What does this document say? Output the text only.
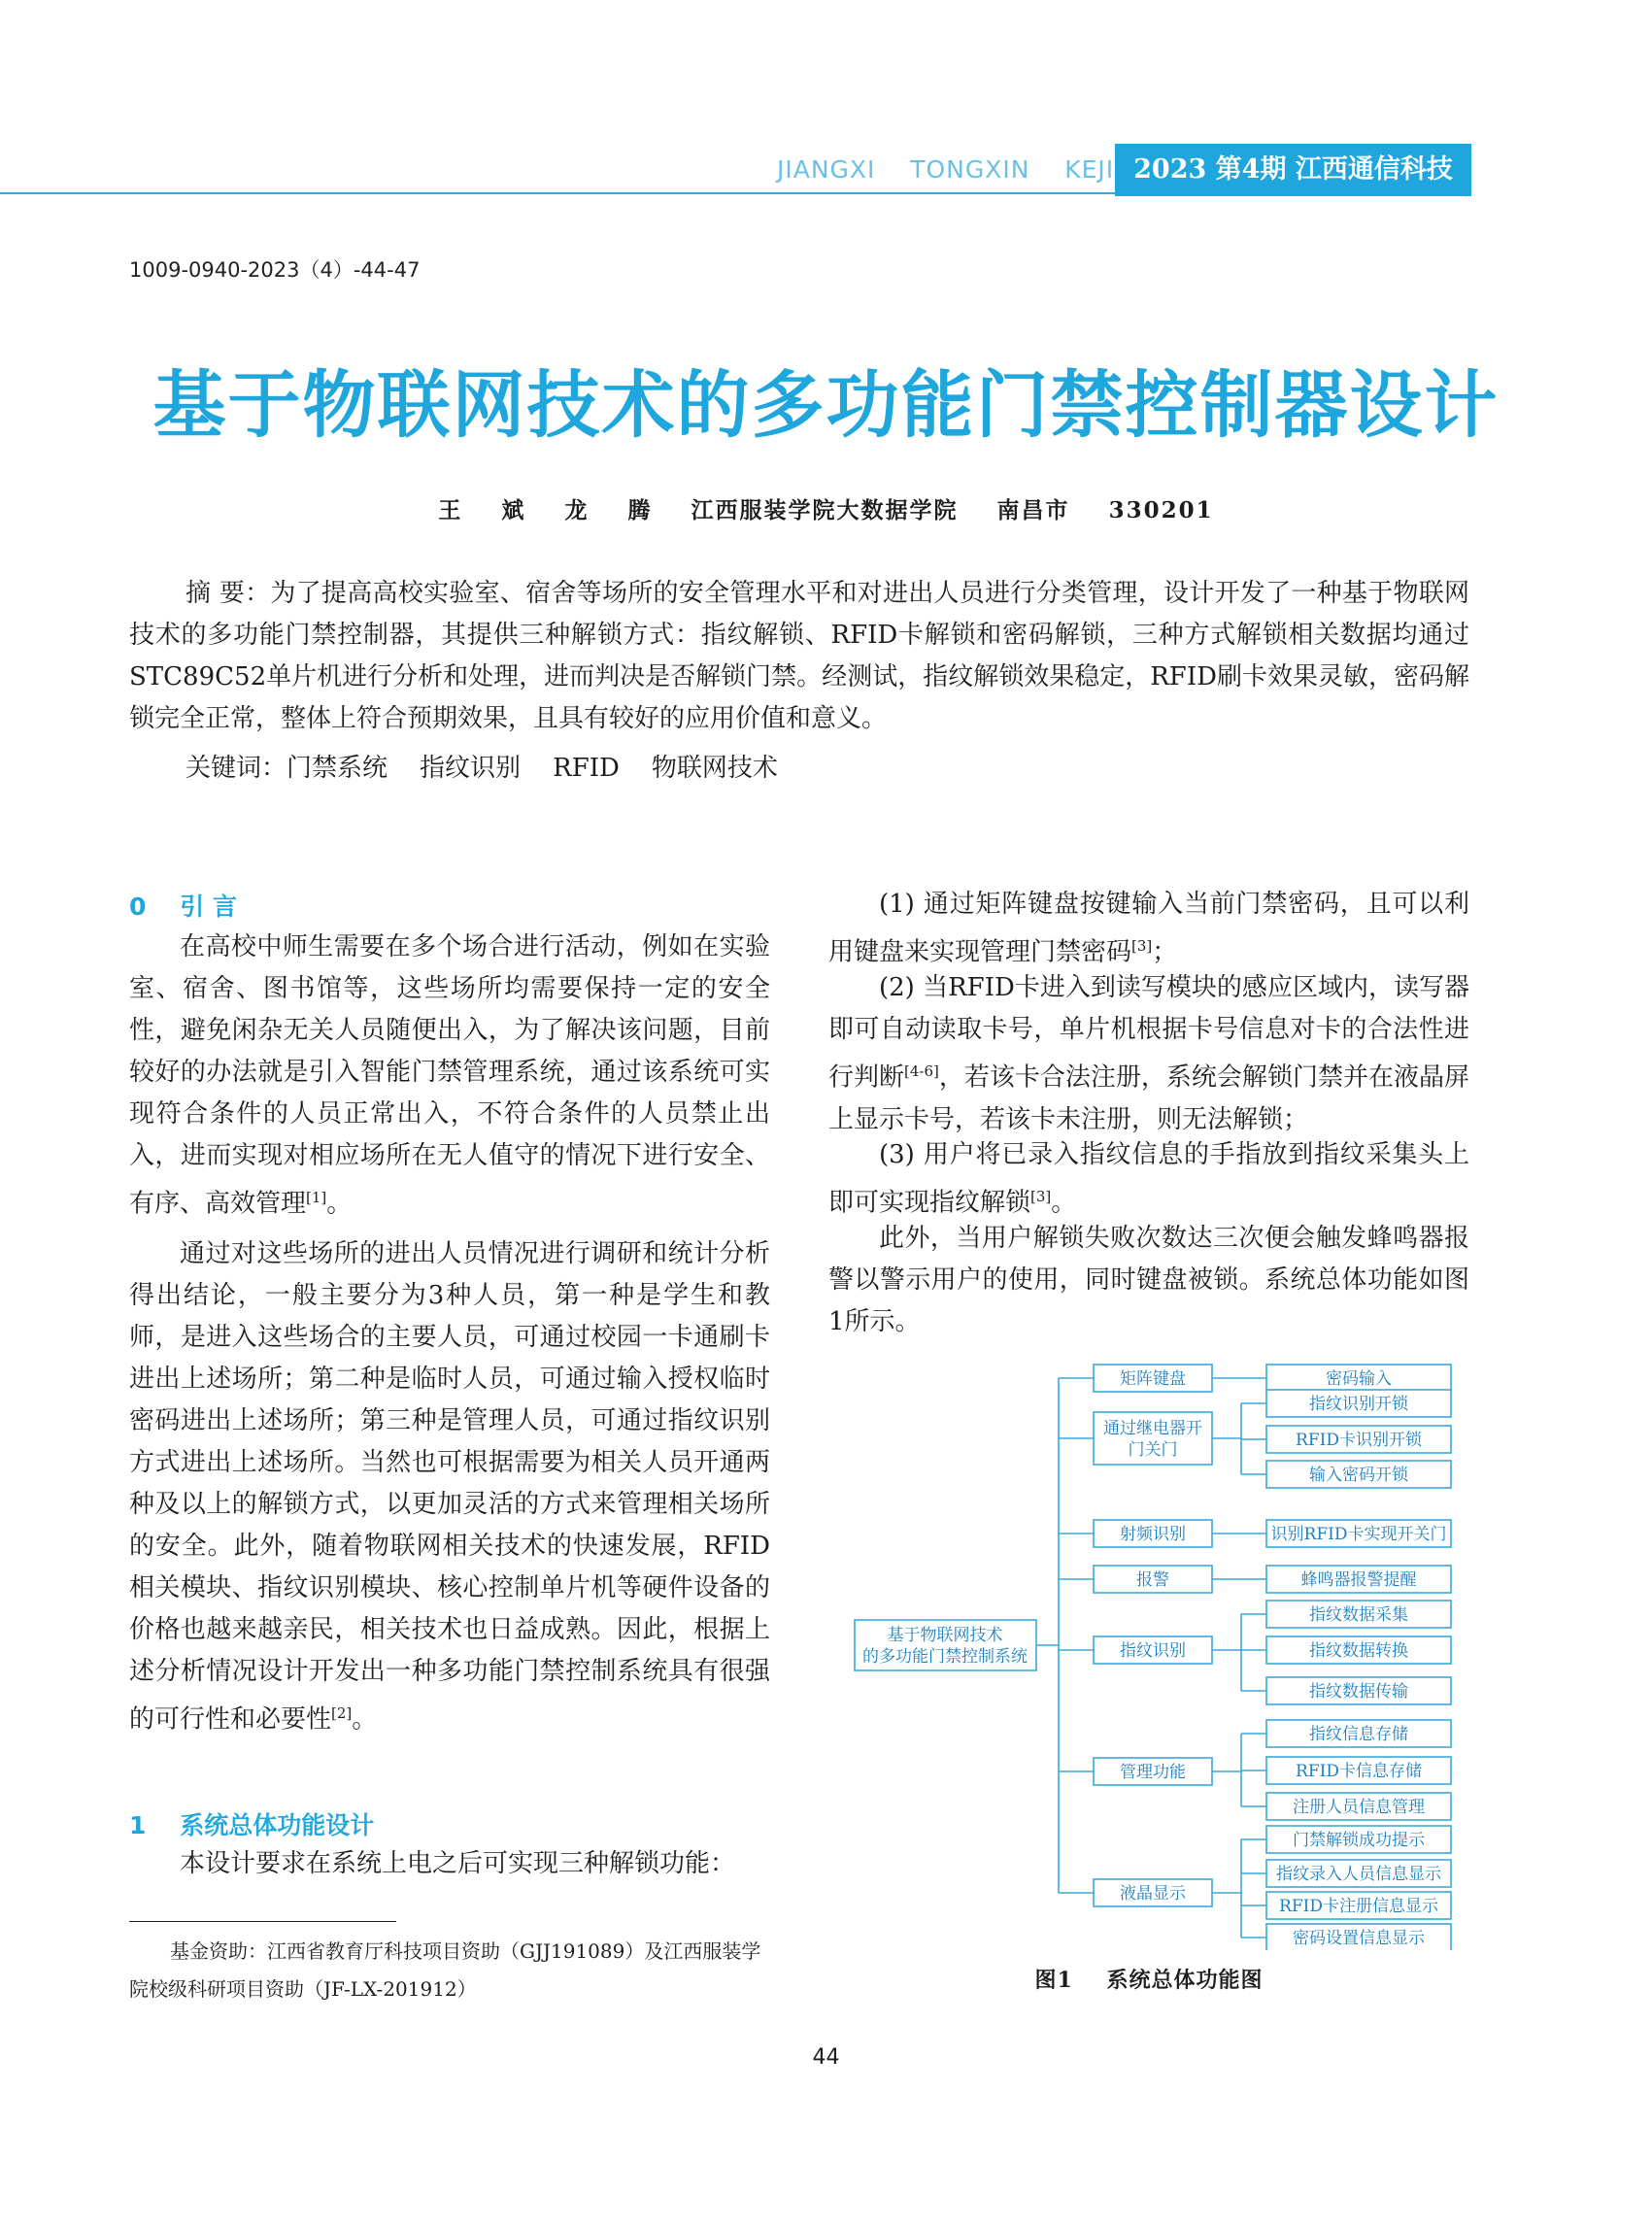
JIANGXI    TONGXIN    KEJI 2023 第4期 江西通信科技
1009-0940-2023（4）-44-47
基于物联网技术的多功能门禁控制器设计
王    斌    龙    腾    江西服装学院大数据学院    南昌市    330201
摘 要：为了提高高校实验室、宿舍等场所的安全管理水平和对进出人员进行分类管理，设计开发了一种基于物联网技术的多功能门禁控制器，其提供三种解锁方式：指纹解锁、RFID卡解锁和密码解锁，三种方式解锁相关数据均通过STC89C52单片机进行分析和处理，进而判决是否解锁门禁。经测试，指纹解锁效果稳定，RFID刷卡效果灵敏，密码解锁完全正常，整体上符合预期效果，且具有较好的应用价值和意义。
关键词：门禁系统    指纹识别    RFID    物联网技术
0    引 言
在高校中师生需要在多个场合进行活动，例如在实验室、宿舍、图书馆等，这些场所均需要保持一定的安全性，避免闲杂无关人员随便出入，为了解决该问题，目前较好的办法就是引入智能门禁管理系统，通过该系统可实现符合条件的人员正常出入，不符合条件的人员禁止出入，进而实现对相应场所在无人值守的情况下进行安全、有序、高效管理[1]。
通过对这些场所的进出人员情况进行调研和统计分析得出结论，一般主要分为3种人员，第一种是学生和教师，是进入这些场合的主要人员，可通过校园一卡通刷卡进出上述场所；第二种是临时人员，可通过输入授权临时密码进出上述场所；第三种是管理人员，可通过指纹识别方式进出上述场所。当然也可根据需要为相关人员开通两种及以上的解锁方式，以更加灵活的方式来管理相关场所的安全。此外，随着物联网相关技术的快速发展，RFID相关模块、指纹识别模块、核心控制单片机等硬件设备的价格也越来越亲民，相关技术也日益成熟。因此，根据上述分析情况设计开发出一种多功能门禁控制系统具有很强的可行性和必要性[2]。
1    系统总体功能设计
本设计要求在系统上电之后可实现三种解锁功能：
基金资助：江西省教育厅科技项目资助（GJJ191089）及江西服装学院校级科研项目资助（JF-LX-201912）
(1) 通过矩阵键盘按键输入当前门禁密码，且可以利用键盘来实现管理门禁密码[3]；
(2) 当RFID卡进入到读写模块的感应区域内，读写器即可自动读取卡号，单片机根据卡号信息对卡的合法性进行判断[4-6]，若该卡合法注册，系统会解锁门禁并在液晶屏上显示卡号，若该卡未注册，则无法解锁；
(3) 用户将已录入指纹信息的手指放到指纹采集头上即可实现指纹解锁[3]。
此外，当用户解锁失败次数达三次便会触发蜂鸣器报警以警示用户的使用，同时键盘被锁。系统总体功能如图1所示。
基于物联网技术
的多功能门禁控制系统
矩阵键盘
通过继电器开
门关门
射频识别
报警
指纹识别
管理功能
液晶显示
密码输入
指纹识别开锁
RFID卡识别开锁
输入密码开锁
识别RFID卡实现开关门
蜂鸣器报警提醒
指纹数据采集
指纹数据转换
指纹数据传输
指纹信息存储
RFID卡信息存储
注册人员信息管理
门禁解锁成功提示
指纹录入人员信息显示
RFID卡注册信息显示
密码设置信息显示
图1    系统总体功能图
44
